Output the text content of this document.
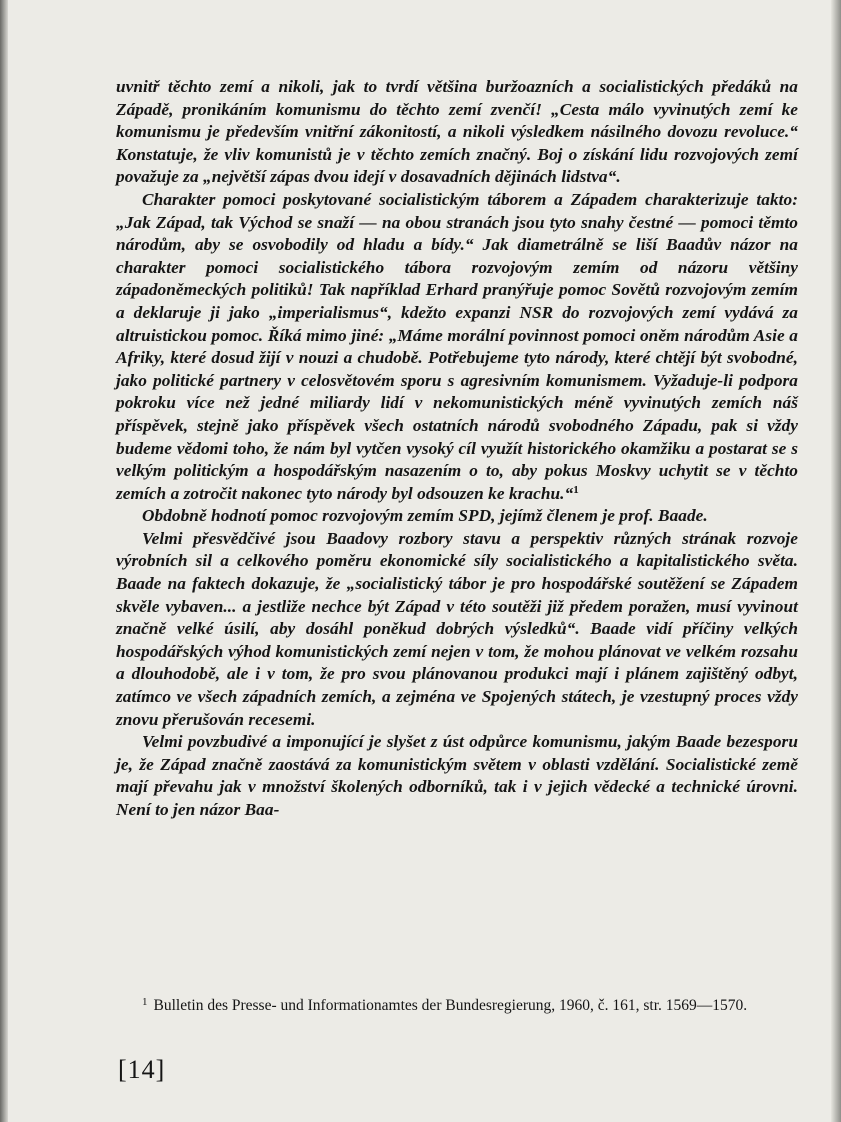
uvnitř těchto zemí a nikoli, jak to tvrdí většina buržoazních a socialistických předáků na Západě, pronikáním komunismu do těchto zemí zvenčí! „Cesta málo vyvinutých zemí ke komunismu je především vnitřní zákonitostí, a nikoli výsledkem násilného dovozu revoluce.“ Konstatuje, že vliv komunistů je v těchto zemích značný. Boj o získání lidu rozvojových zemí považuje za „největší zápas dvou idejí v dosavadních dějinách lidstva“.

Charakter pomoci poskytované socialistickým táborem a Západem charakterizuje takto: „Jak Západ, tak Východ se snaží — na obou stranách jsou tyto snahy čestné — pomoci těmto národům, aby se osvobodily od hladu a bídy.“ Jak diametrálně se liší Baadův názor na charakter pomoci socialistického tábora rozvojovým zemím od názoru většiny západoněmeckých politiků! Tak například Erhard pranýřuje pomoc Sovětů rozvojovým zemím a deklaruje ji jako „imperialismus“, kdežto expanzi NSR do rozvojových zemí vydává za altruistickou pomoc. Říká mimo jiné: „Máme morální povinnost pomoci oněm národům Asie a Afriky, které dosud žijí v nouzi a chudobě. Potřebujeme tyto národy, které chtějí být svobodné, jako politické partnery v celosvětovém sporu s agresivním komunismem. Vyžaduje-li podpora pokroku více než jedné miliardy lidí v nekomunistických méně vyvinutých zemích náš příspěvek, stejně jako příspěvek všech ostatních národů svobodného Západu, pak si vždy budeme vědomi toho, že nám byl vytčen vysoký cíl využít historického okamžiku a postarat se s velkým politickým a hospodářským nasazením o to, aby pokus Moskvy uchytit se v těchto zemích a zotročit nakonec tyto národy byl odsouzen ke krachu.“$^1$

Obdobně hodnotí pomoc rozvojovým zemím SPD, jejímž členem je prof. Baade.

Velmi přesvědčivé jsou Baadovy rozbory stavu a perspektiv různých strának rozvoje výrobních sil a celkového poměru ekonomické síly socialistického a kapitalistického světa. Baade na faktech dokazuje, že „socialistický tábor je pro hospodářské soutěžení se Západem skvěle vybaven... a jestliže nechce být Západ v této soutěži již předem poražen, musí vyvinout značně velké úsilí, aby dosáhl poněkud dobrých výsledků“. Baade vidí příčiny velkých hospodářských výhod komunistických zemí nejen v tom, že mohou plánovat ve velkém rozsahu a dlouhodobě, ale i v tom, že pro svou plánovanou produkci mají i plánem zajištěný odbyt, zatímco ve všech západních zemích, a zejména ve Spojených státech, je vzestupný proces vždy znovu přerušován recesemi.

Velmi povzbudivé a imponující je slyšet z úst odpůrce komunismu, jakým Baade bezesporu je, že Západ značně zaostává za komunistickým světem v oblasti vzdělání. Socialistické země mají převahu jak v množství školených odborníků, tak i v jejich vědecké a technické úrovni. Není to jen názor Baa-

$^1$ Bulletin des Presse- und Informationamtes der Bundesregierung, 1960, č. 161, str. 1569—1570.
[14]
